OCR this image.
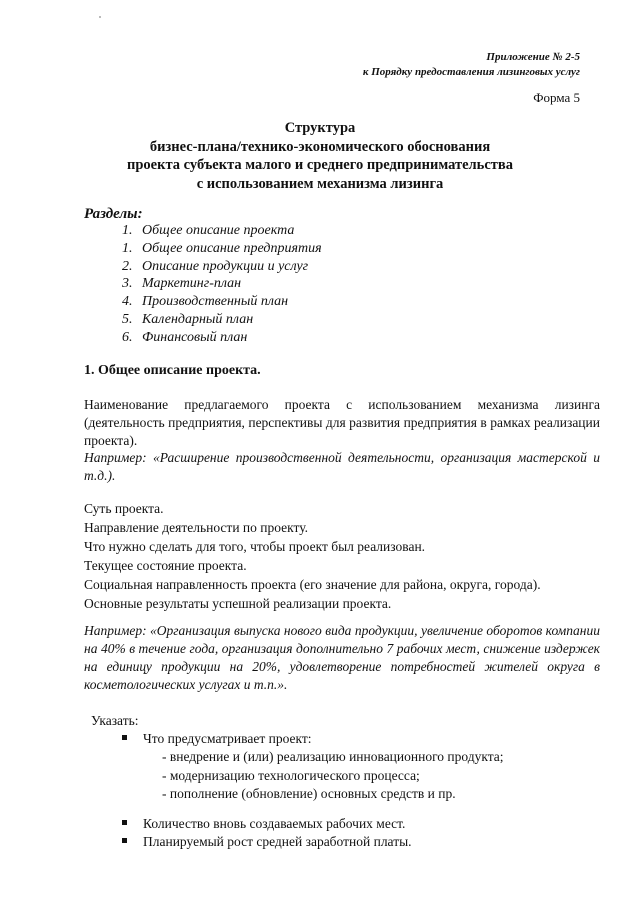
Приложение № 2-5
к Порядку предоставления лизинговых услуг
Форма 5
Структура
бизнес-плана/технико-экономического обоснования
проекта субъекта малого и среднего предпринимательства
с использованием механизма лизинга
Разделы:
1. Общее описание проекта
1. Общее описание предприятия
2. Описание продукции и услуг
3. Маркетинг-план
4. Производственный план
5. Календарный план
6. Финансовый план
1. Общее описание проекта.
Наименование предлагаемого проекта с использованием механизма лизинга (деятельность предприятия, перспективы для развития предприятия в рамках реализации проекта).
Например: «Расширение производственной деятельности, организация мастерской и т.д.).
Суть проекта.
Направление деятельности по проекту.
Что нужно сделать для того, чтобы проект был реализован.
Текущее состояние проекта.
Социальная направленность проекта (его значение для района, округа, города).
Основные результаты успешной реализации проекта.
Например: «Организация выпуска нового вида продукции, увеличение оборотов компании на 40% в течение года, организация дополнительно 7 рабочих мест, снижение издержек на единицу продукции на 20%, удовлетворение потребностей жителей округа в косметологических услугах и т.п.».
Указать:
Что предусматривает проект:
- внедрение и (или) реализацию инновационного продукта;
- модернизацию технологического процесса;
- пополнение (обновление) основных средств и пр.
Количество вновь создаваемых рабочих мест.
Планируемый рост средней заработной платы.
